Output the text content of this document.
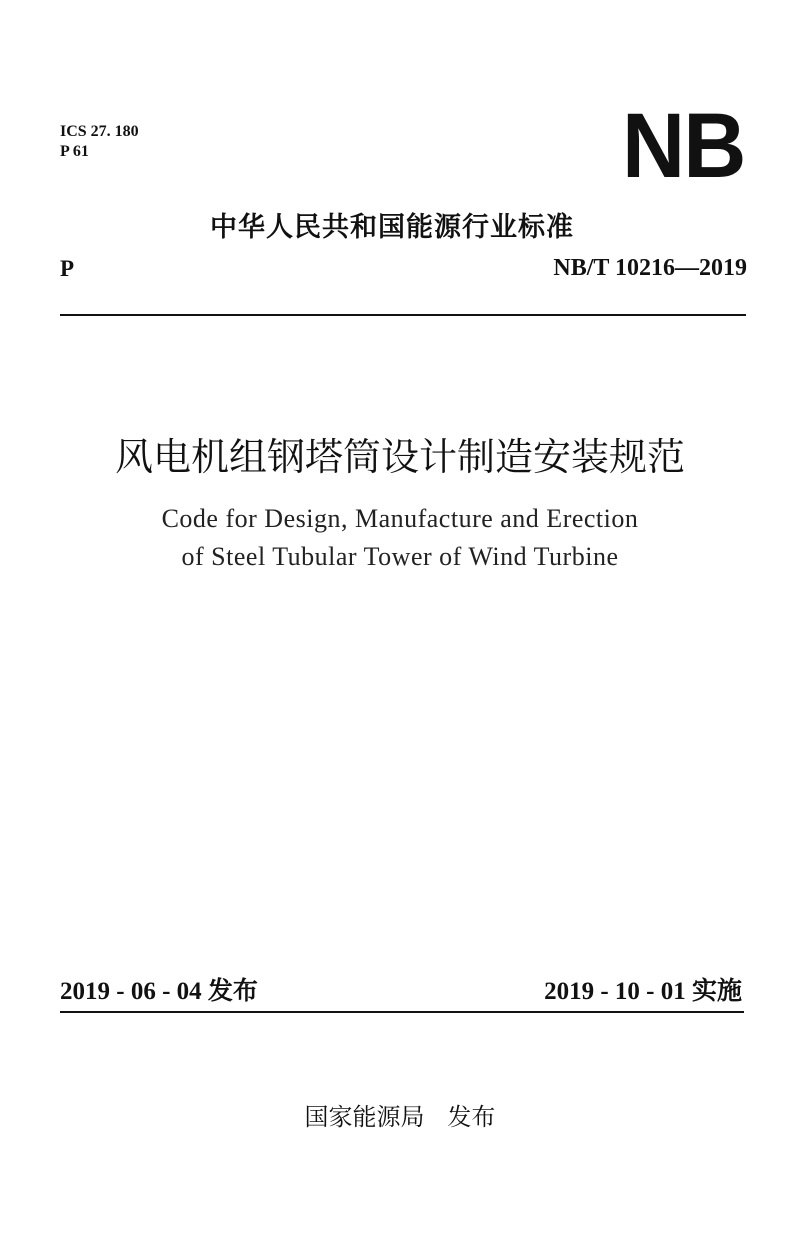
ICS 27. 180
P 61	NB
中华人民共和国能源行业标准
P	NB/T 10216—2019
风电机组钢塔筒设计制造安装规范
Code for Design, Manufacture and Erection
of Steel Tubular Tower of Wind Turbine
2019 - 06 - 04 发布	2019 - 10 - 01 实施
国家能源局   发布
